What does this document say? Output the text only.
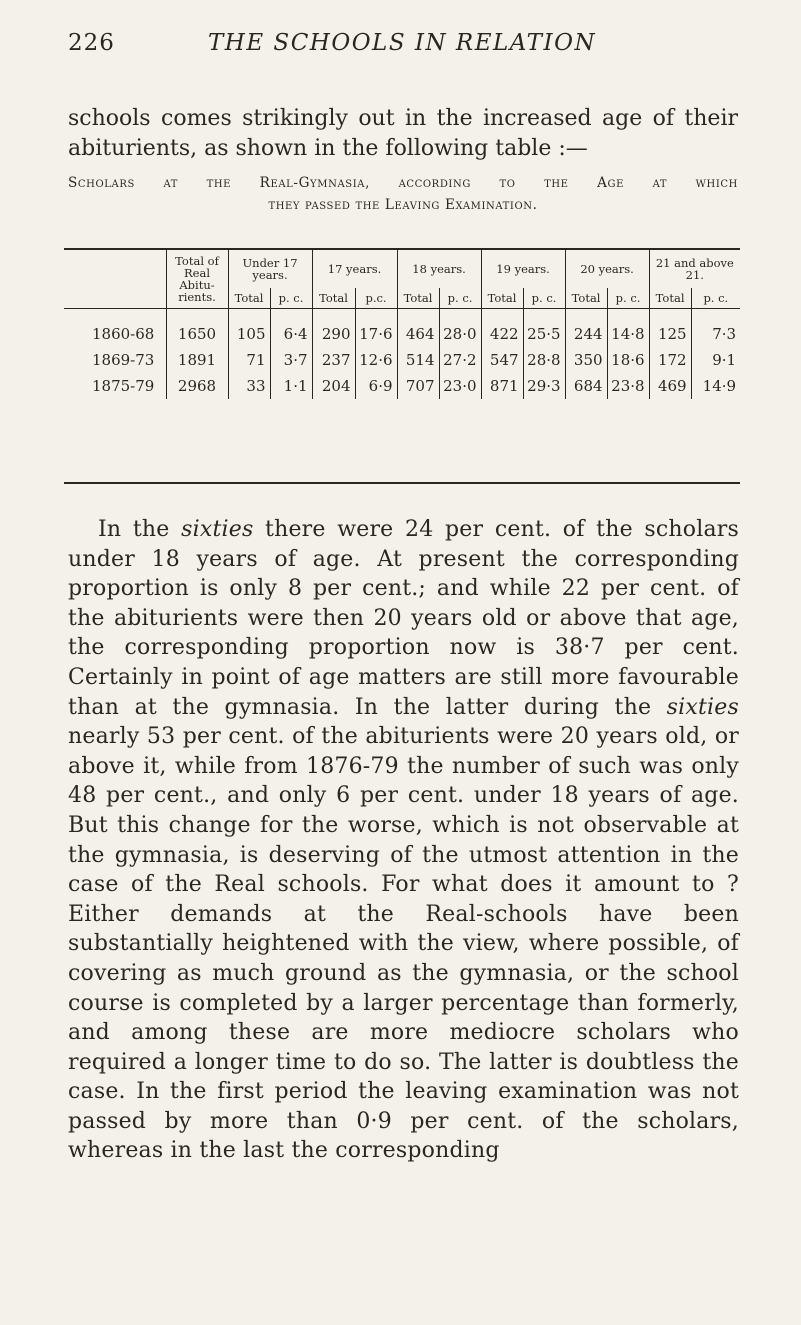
226	THE SCHOOLS IN RELATION
schools comes strikingly out in the increased age of their abiturients, as shown in the following table :—
Scholars at the Real-Gymnasia, according to the Age at which
they passed the Leaving Examination.
	Total of Real Abitu-rients.	Under 17 years.		17 years.		18 years.		19 years.		20 years.		21 and above 21.	
		Total	p. c.	Total	p.c.	Total	p. c.	Total	p. c.	Total	p. c.	Total	p. c.

1860-68	1650	105	6·4	290	17·6	464	28·0	422	25·5	244	14·8	125	7·3
1869-73	1891	71	3·7	237	12·6	514	27·2	547	28·8	350	18·6	172	9·1
1875-79	2968	33	1·1	204	6·9	707	23·0	871	29·3	684	23·8	469	14·9

In the sixties there were 24 per cent. of the scholars under 18 years of age. At present the corresponding proportion is only 8 per cent.; and while 22 per cent. of the abiturients were then 20 years old or above that age, the corresponding proportion now is 38·7 per cent. Certainly in point of age matters are still more favourable than at the gymnasia. In the latter during the sixties nearly 53 per cent. of the abiturients were 20 years old, or above it, while from 1876-79 the number of such was only 48 per cent., and only 6 per cent. under 18 years of age. But this change for the worse, which is not observable at the gymnasia, is deserving of the utmost attention in the case of the Real schools. For what does it amount to ? Either demands at the Real-schools have been substantially heightened with the view, where possible, of covering as much ground as the gymnasia, or the school course is completed by a larger percentage than formerly, and among these are more mediocre scholars who required a longer time to do so. The latter is doubtless the case. In the first period the leaving examination was not passed by more than 0·9 per cent. of the scholars, whereas in the last the corresponding
